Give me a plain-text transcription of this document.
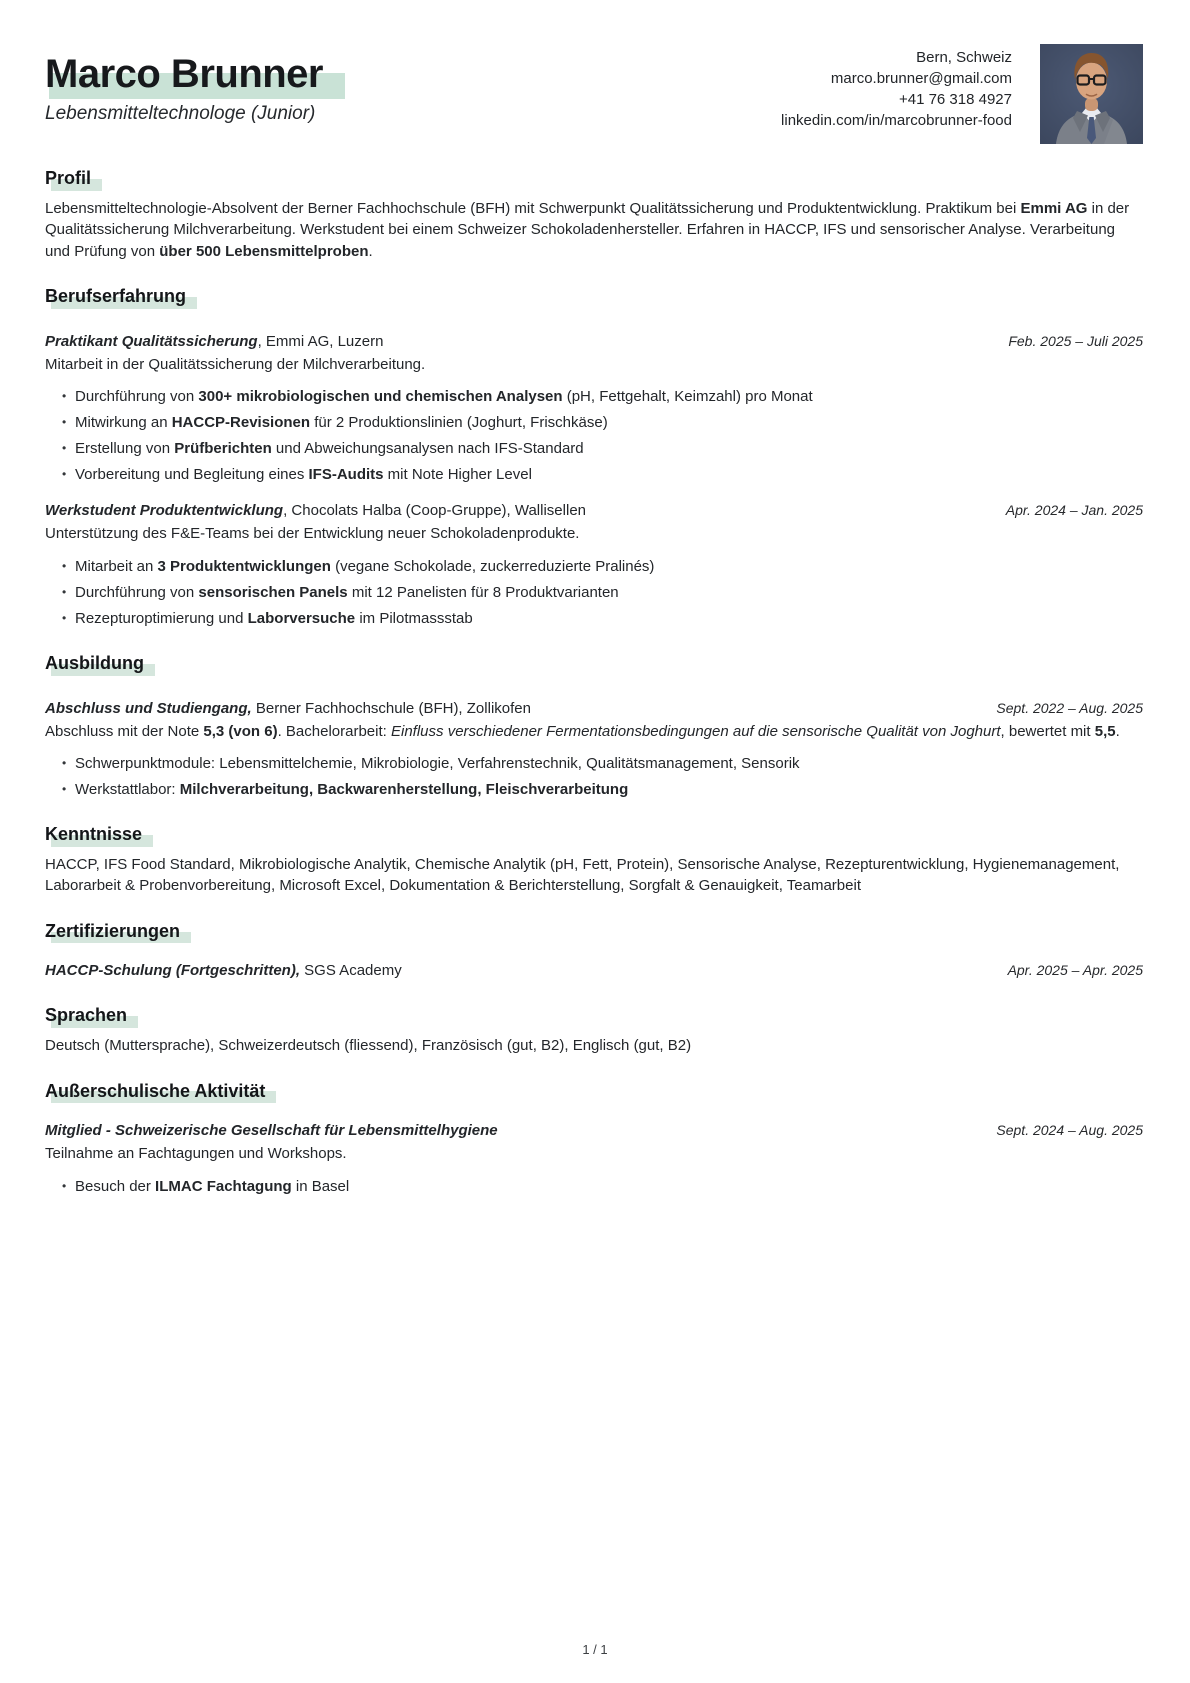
Marco Brunner
Lebensmitteltechnologe (Junior)
Bern, Schweiz
marco.brunner@gmail.com
+41 76 318 4927
linkedin.com/in/marcobrunner-food
Profil

Lebensmitteltechnologie-Absolvent der Berner Fachhochschule (BFH) mit Schwerpunkt Qualitätssicherung und Produktentwicklung. Praktikum bei Emmi AG in der Qualitätssicherung Milchverarbeitung. Werkstudent bei einem Schweizer Schokoladenhersteller. Erfahren in HACCP, IFS und sensorischer Analyse. Verarbeitung und Prüfung von über 500 Lebensmittelproben.

Berufserfahrung
Praktikant Qualitätssicherung, Emmi AG, Luzern	Feb. 2025 – Juli 2025
Mitarbeit in der Qualitätssicherung der Milchverarbeitung.
• Durchführung von 300+ mikrobiologischen und chemischen Analysen (pH, Fettgehalt, Keimzahl) pro Monat
• Mitwirkung an HACCP-Revisionen für 2 Produktionslinien (Joghurt, Frischkäse)
• Erstellung von Prüfberichten und Abweichungsanalysen nach IFS-Standard
• Vorbereitung und Begleitung eines IFS-Audits mit Note Higher Level
Werkstudent Produktentwicklung, Chocolats Halba (Coop-Gruppe), Wallisellen	Apr. 2024 – Jan. 2025
Unterstützung des F&E-Teams bei der Entwicklung neuer Schokoladenprodukte.
• Mitarbeit an 3 Produktentwicklungen (vegane Schokolade, zuckerreduzierte Pralinés)
• Durchführung von sensorischen Panels mit 12 Panelisten für 8 Produktvarianten
• Rezepturoptimierung und Laborversuche im Pilotmassstab
Ausbildung
Abschluss und Studiengang, Berner Fachhochschule (BFH), Zollikofen	Sept. 2022 – Aug. 2025
Abschluss mit der Note 5,3 (von 6). Bachelorarbeit: Einfluss verschiedener Fermentationsbedingungen auf die sensorische Qualität von Joghurt, bewertet mit 5,5.
• Schwerpunktmodule: Lebensmittelchemie, Mikrobiologie, Verfahrenstechnik, Qualitätsmanagement, Sensorik
• Werkstattlabor: Milchverarbeitung, Backwarenherstellung, Fleischverarbeitung
Kenntnisse

HACCP, IFS Food Standard, Mikrobiologische Analytik, Chemische Analytik (pH, Fett, Protein), Sensorische Analyse, Rezepturentwicklung, Hygienemanagement, Laborarbeit & Probenvorbereitung, Microsoft Excel, Dokumentation & Berichterstellung, Sorgfalt & Genauigkeit, Teamarbeit

Zertifizierungen
HACCP-Schulung (Fortgeschritten), SGS Academy	Apr. 2025 – Apr. 2025
Sprachen

Deutsch (Muttersprache), Schweizerdeutsch (fliessend), Französisch (gut, B2), Englisch (gut, B2)

Außerschulische Aktivität
Mitglied - Schweizerische Gesellschaft für Lebensmittelhygiene	Sept. 2024 – Aug. 2025
Teilnahme an Fachtagungen und Workshops.
• Besuch der ILMAC Fachtagung in Basel
1 / 1
